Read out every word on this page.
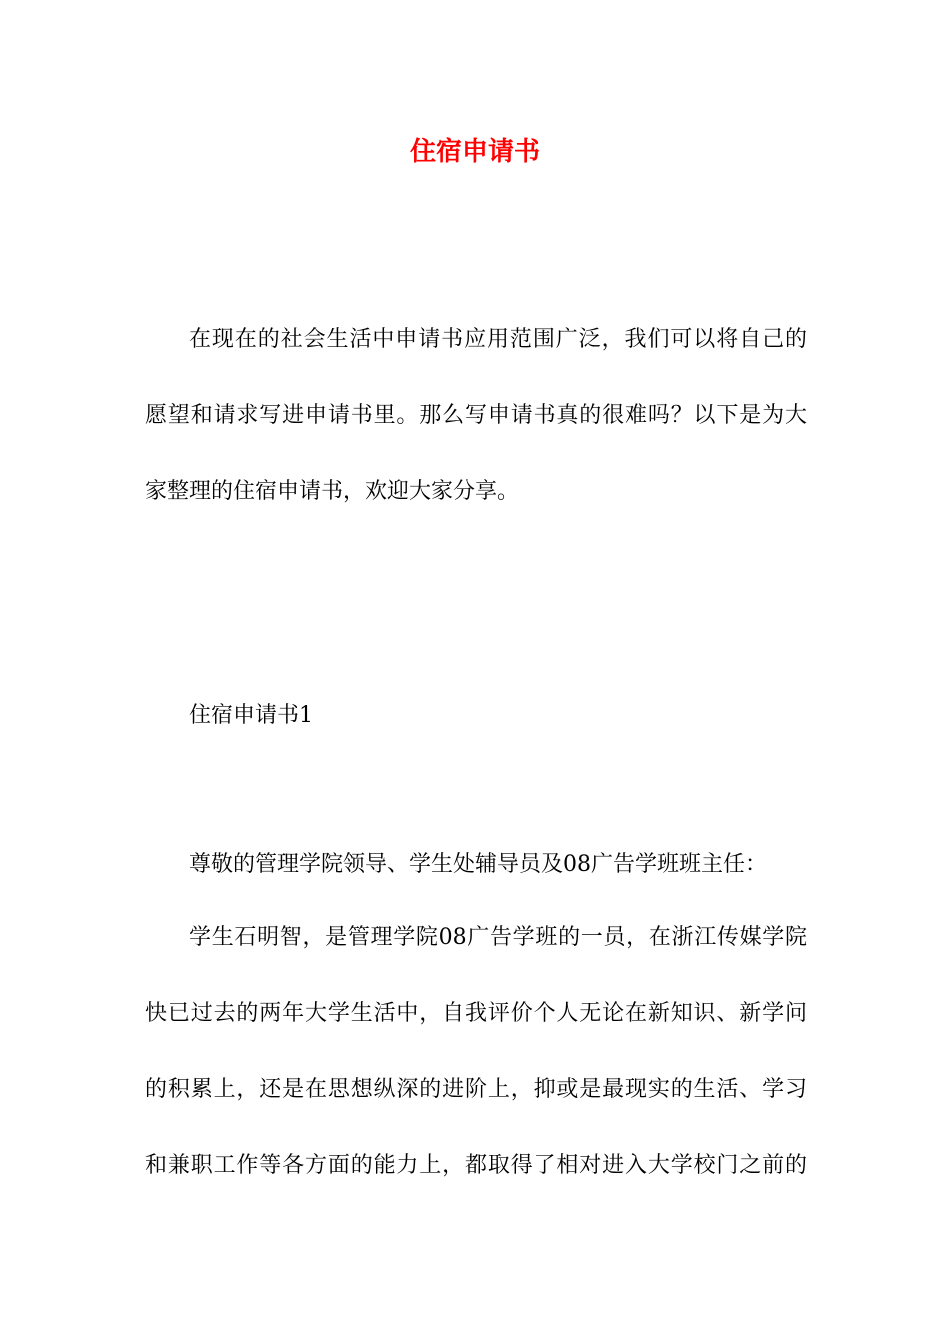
住宿申请书
在现在的社会生活中申请书应用范围广泛，我们可以将自己的
愿望和请求写进申请书里。那么写申请书真的很难吗？以下是为大
家整理的住宿申请书，欢迎大家分享。
住宿申请书1
尊敬的管理学院领导、学生处辅导员及08广告学班班主任：
学生石明智，是管理学院08广告学班的一员，在浙江传媒学院
快已过去的两年大学生活中，自我评价个人无论在新知识、新学问
的积累上，还是在思想纵深的进阶上，抑或是最现实的生活、学习
和兼职工作等各方面的能力上，都取得了相对进入大学校门之前的
